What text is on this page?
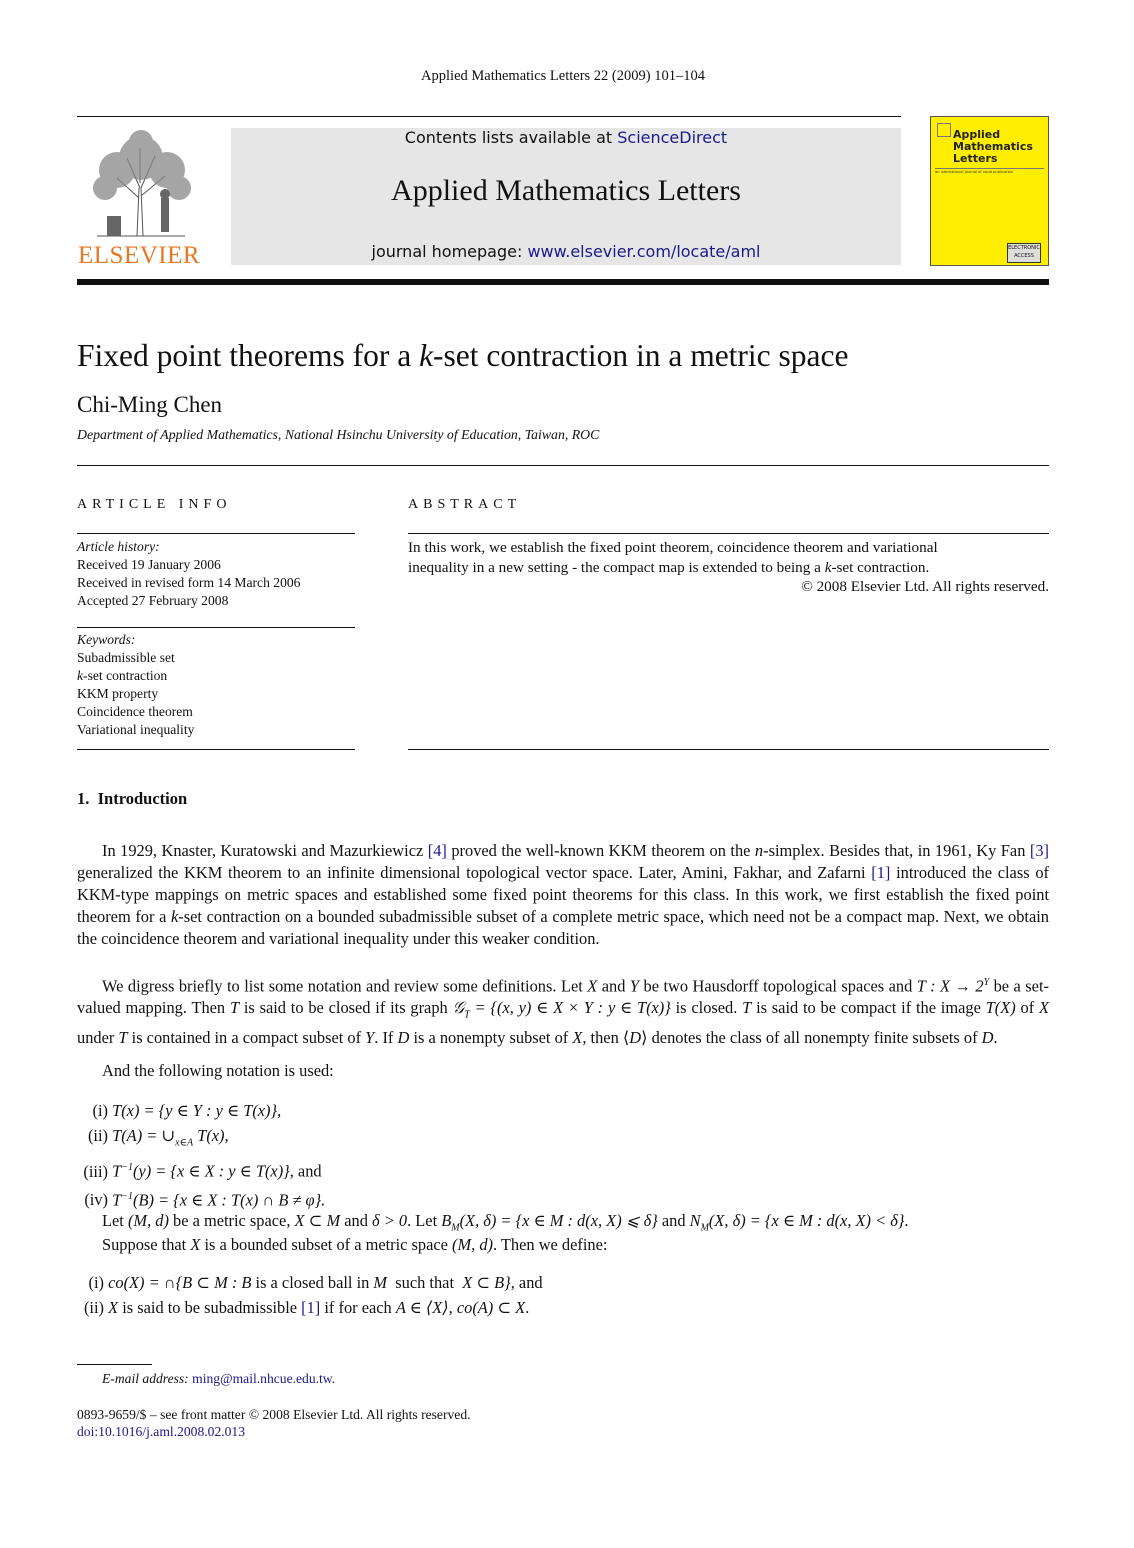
Applied Mathematics Letters 22 (2009) 101–104
ELSEVIER
Contents lists available at ScienceDirect
Applied Mathematics Letters
journal homepage: www.elsevier.com/locate/aml
Applied
Mathematics
Letters
an international journal of rapid publication
ELECTRONIC ACCESS
Fixed point theorems for a k-set contraction in a metric space
Chi-Ming Chen
Department of Applied Mathematics, National Hsinchu University of Education, Taiwan, ROC
ARTICLE INFO
Article history:
Received 19 January 2006
Received in revised form 14 March 2006
Accepted 27 February 2008
Keywords:
Subadmissible set
k-set contraction
KKM property
Coincidence theorem
Variational inequality
ABSTRACT
In this work, we establish the fixed point theorem, coincidence theorem and variational
inequality in a new setting - the compact map is extended to being a k-set contraction.
© 2008 Elsevier Ltd. All rights reserved.
1.  Introduction
In 1929, Knaster, Kuratowski and Mazurkiewicz [4] proved the well-known KKM theorem on the n-simplex. Besides that, in 1961, Ky Fan [3] generalized the KKM theorem to an infinite dimensional topological vector space. Later, Amini, Fakhar, and Zafarni [1] introduced the class of KKM-type mappings on metric spaces and established some fixed point theorems for this class. In this work, we first establish the fixed point theorem for a k-set contraction on a bounded subadmissible subset of a complete metric space, which need not be a compact map. Next, we obtain the coincidence theorem and variational inequality under this weaker condition.
We digress briefly to list some notation and review some definitions. Let X and Y be two Hausdorff topological spaces and T : $X \to 2^Y$ be a set-valued mapping. Then T is said to be closed if its graph 𝒢$_T$ = {(x, y) ∈ X × Y : y ∈ T(x)} is closed. T is said to be compact if the image T(X) of X under T is contained in a compact subset of Y. If D is a nonempty subset of X, then ⟨D⟩ denotes the class of all nonempty finite subsets of D.
And the following notation is used:
(i) T(x) = {y ∈ Y : y ∈ T(x)},
(ii) $T(A) = \cup_{x\in A}$ T(x),
(iii) $T^{-1}(y) = \{x$ ∈ X : y ∈ T(x)}, and
(iv) $T^{-1}(B) = \{x$ ∈ X : T(x) ∩ B ≠ φ}.
Let (M, d) be a metric space, X ⊂ M and δ > 0. Let $B_M(X$, δ) = {x ∈ M : d(x, X) ⩽ δ} and $N_M(X$, δ) = {x ∈ M : d(x, X) < δ}.
Suppose that X is a bounded subset of a metric space (M, d). Then we define:
(i) co(X) = ∩{B ⊂ M : B is a closed ball in M  such that  X ⊂ B}, and
(ii) X is said to be subadmissible [1] if for each A ∈ ⟨X⟩, co(A) ⊂ X.
E-mail address: ming@mail.nhcue.edu.tw.
0893-9659/$ – see front matter © 2008 Elsevier Ltd. All rights reserved.
doi:10.1016/j.aml.2008.02.013
